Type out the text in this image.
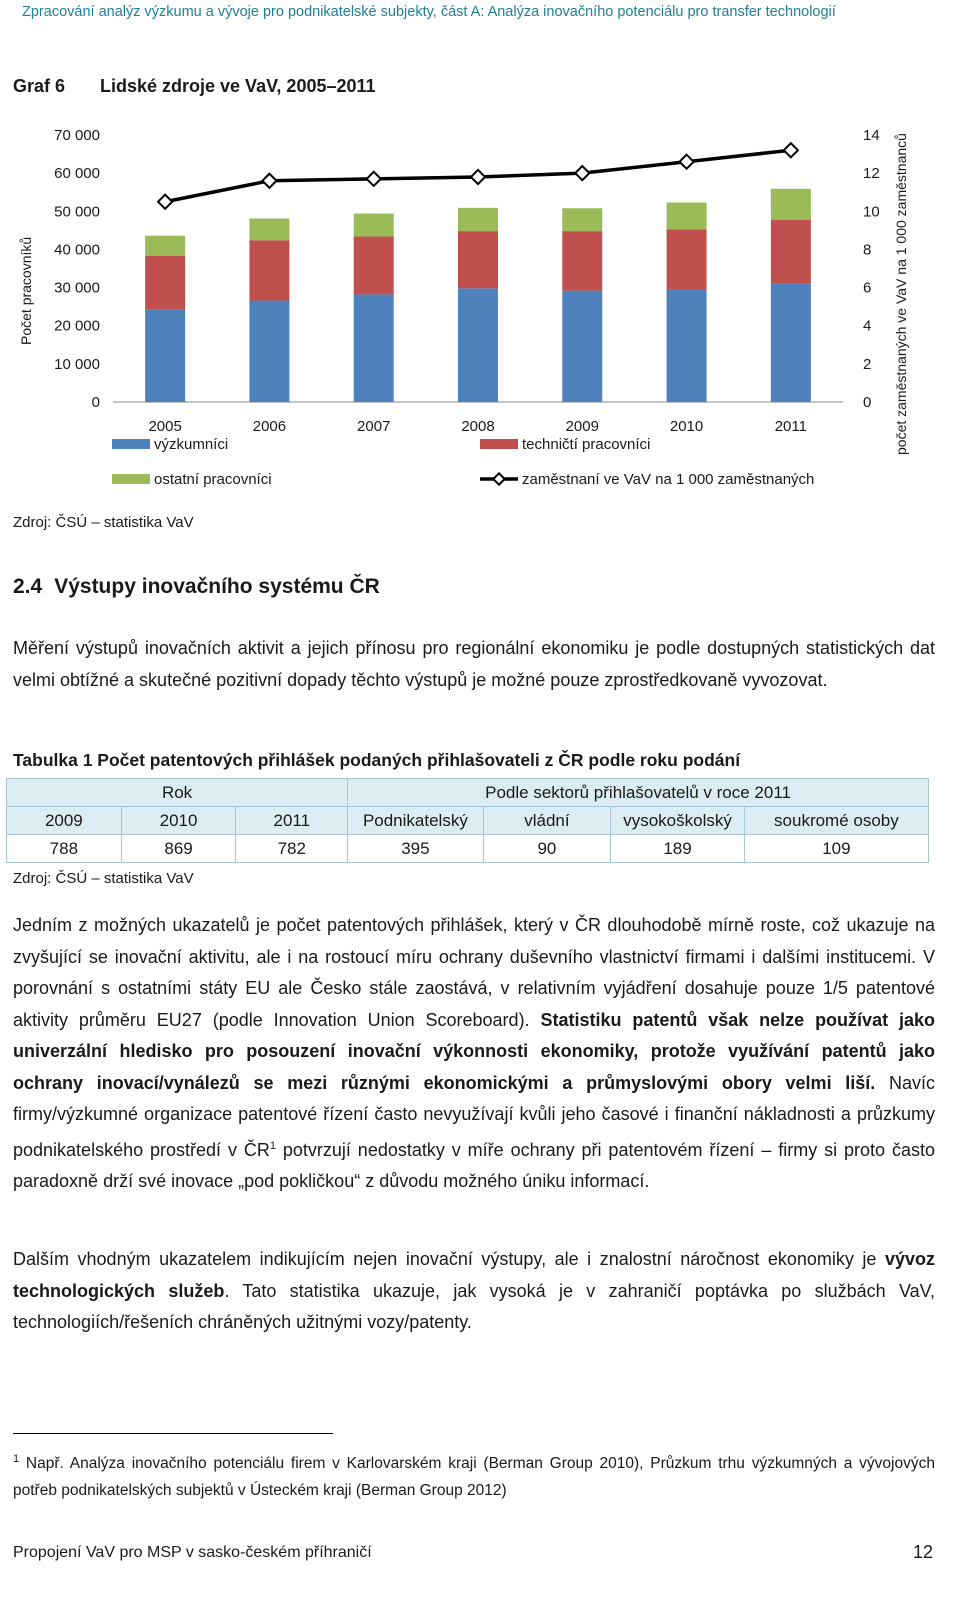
Zpracování analýz výzkumu a vývoje pro podnikatelské subjekty, část A: Analýza inovačního potenciálu pro transfer technologií
Graf 6 Lidské zdroje ve VaV, 2005–2011
Počet pracovníků	počet zaměstnaných ve VaV na 1 000 zaměstnanců
0
10 000
20 000
30 000
40 000
50 000
60 000
70 000
0
2
4
6
8
10
12
14
2005	2006	2007	2008	2009	2010	2011
výzkumníci	techničtí pracovníci
ostatní pracovníci	zaměstnaní ve VaV na 1 000 zaměstnaných
Zdroj: ČSÚ – statistika VaV
2.4 Výstupy inovačního systému ČR
Měření výstupů inovačních aktivit a jejich přínosu pro regionální ekonomiku je podle dostupných statistických dat velmi obtížné a skutečné pozitivní dopady těchto výstupů je možné pouze zprostředkovaně vyvozovat.
Tabulka 1 Počet patentových přihlášek podaných přihlašovateli z ČR podle roku podání
Rok			Podle sektorů přihlašovatelů v roce 2011			
2009	2010	2011	Podnikatelský	vládní	vysokoškolský	soukromé osoby
788	869	782	395	90	189	109
Zdroj: ČSÚ – statistika VaV
Jedním z možných ukazatelů je počet patentových přihlášek, který v ČR dlouhodobě mírně roste, což ukazuje na zvyšující se inovační aktivitu, ale i na rostoucí míru ochrany duševního vlastnictví firmami i dalšími institucemi. V porovnání s ostatními státy EU ale Česko stále zaostává, v relativním vyjádření dosahuje pouze 1/5 patentové aktivity průměru EU27 (podle Innovation Union Scoreboard). Statistiku patentů však nelze používat jako univerzální hledisko pro posouzení inovační výkonnosti ekonomiky, protože využívání patentů jako ochrany inovací/vynálezů se mezi různými ekonomickými a průmyslovými obory velmi liší. Navíc firmy/výzkumné organizace patentové řízení často nevyužívají kvůli jeho časové i finanční nákladnosti a průzkumy podnikatelského prostředí v $ČR^1$ potvrzují nedostatky v míře ochrany při patentovém řízení – firmy si proto často paradoxně drží své inovace „pod pokličkou“ z důvodu možného úniku informací.
Dalším vhodným ukazatelem indikujícím nejen inovační výstupy, ale i znalostní náročnost ekonomiky je vývoz technologických služeb. Tato statistika ukazuje, jak vysoká je v zahraničí poptávka po službách VaV, technologiích/řešeních chráněných užitnými vozy/patenty.
$^1$ Např. Analýza inovačního potenciálu firem v Karlovarském kraji (Berman Group 2010), Průzkum trhu výzkumných a vývojových potřeb podnikatelských subjektů v Ústeckém kraji (Berman Group 2012)
Propojení VaV pro MSP v sasko-českém příhraničí	12
